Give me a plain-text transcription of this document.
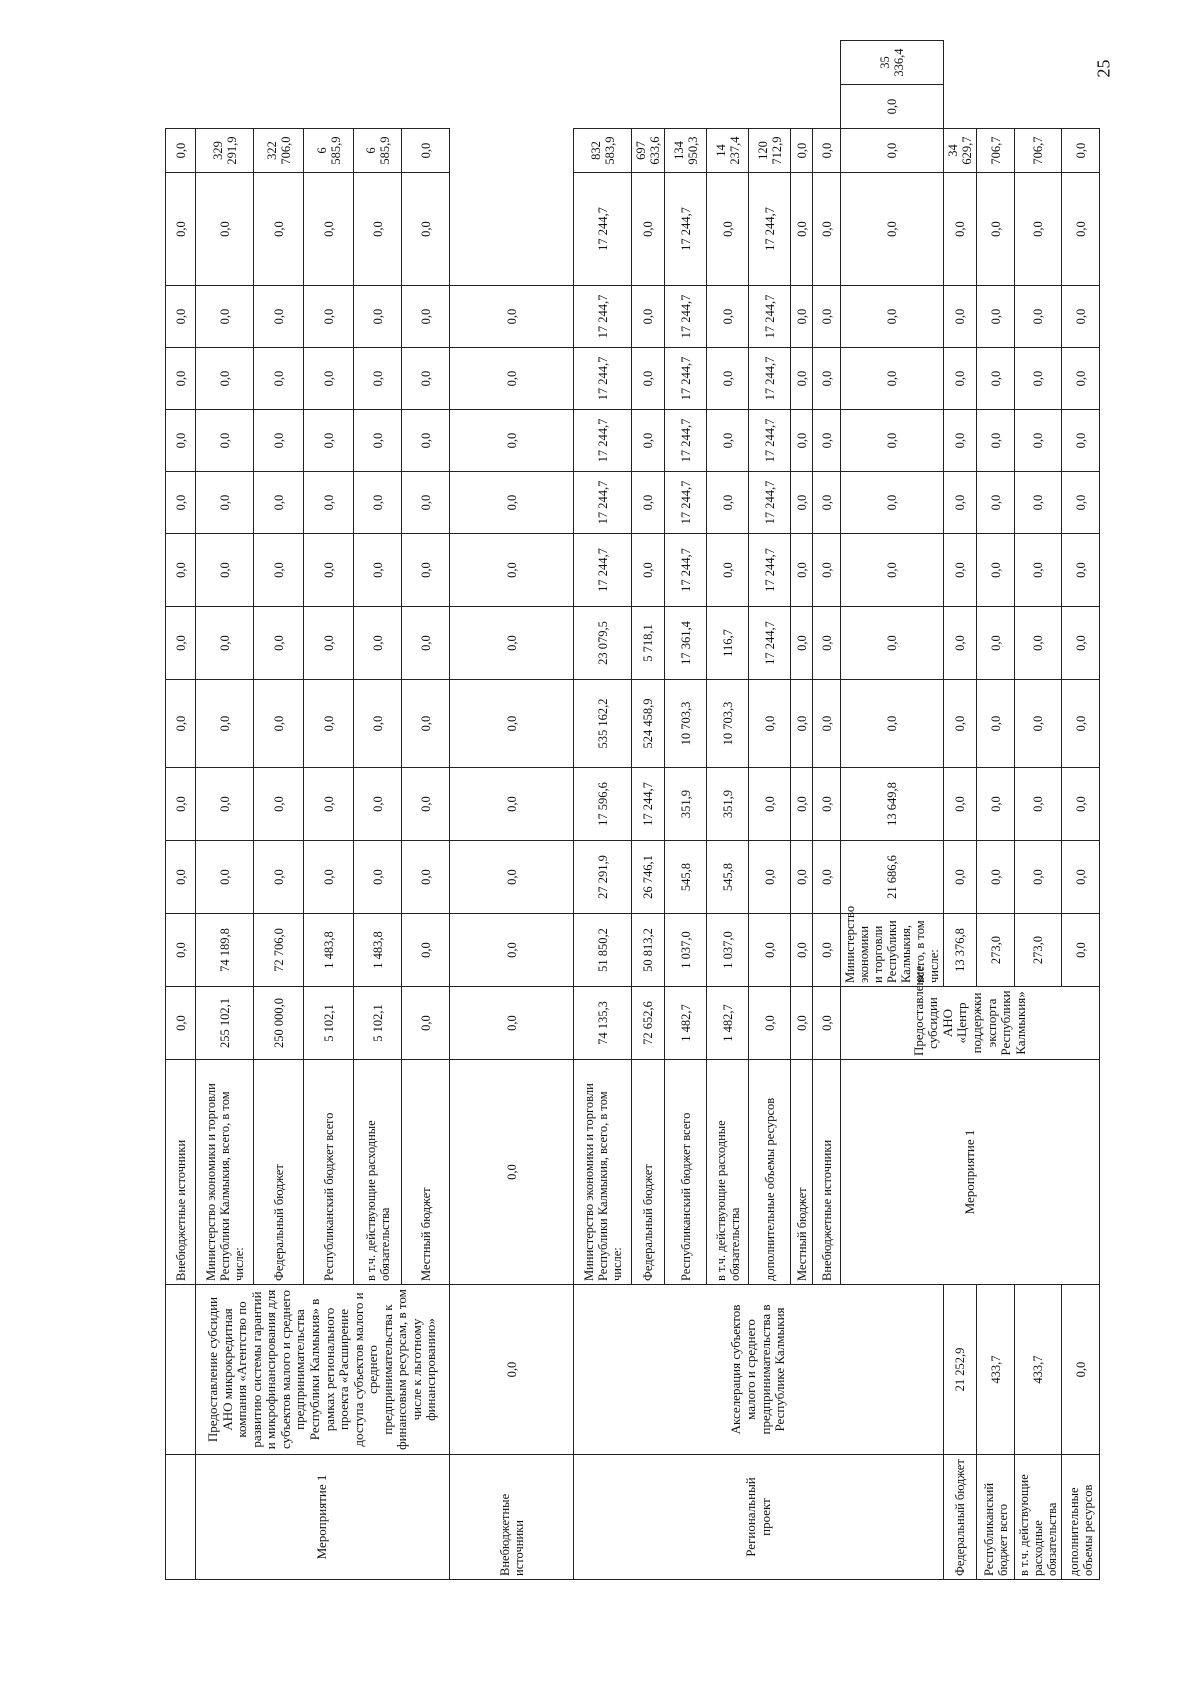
25
		Внебюджетные источники	0,0	0,0	0,0	0,0	0,0	0,0	0,0	0,0	0,0	0,0	0,0	0,0	0,0		
Мероприятие 1	Предоставление субсидии АНО микрокредитная компания «Агентство по развитию системы гарантий и микрофинансирования для субъектов малого и среднего предпринимательства Республики Калмыкия» в рамках регионального проекта «Расширение доступа субъектов малого и среднего предпринимательства к финансовым ресурсам, в том числе к льготному финансированию»	Министерство экономики и торговли Республики Калмыкия, всего, в том числе:	255 102,1	74 189,8	0,0	0,0	0,0	0,0	0,0	0,0	0,0	0,0	0,0	0,0	329 291,9		
		Федеральный бюджет	250 000,0	72 706,0	0,0	0,0	0,0	0,0	0,0	0,0	0,0	0,0	0,0	0,0	322 706,0		
		Республиканский бюджет всего	5 102,1	1 483,8	0,0	0,0	0,0	0,0	0,0	0,0	0,0	0,0	0,0	0,0	6 585,9		
		в т.ч. действующие расходные обязательства	5 102,1	1 483,8	0,0	0,0	0,0	0,0	0,0	0,0	0,0	0,0	0,0	0,0	6 585,9		
		Местный бюджет	0,0	0,0	0,0	0,0	0,0	0,0	0,0	0,0	0,0	0,0	0,0	0,0	0,0		
Внебюджетные источники	0,0	0,0	0,0	0,0	0,0	0,0	0,0	0,0	0,0	0,0	0,0	0,0	0,0				
Региональный проект	Акселерация субъектов малого и среднего предпринимательства в Республике Калмыкия	Министерство экономики и торговли Республики Калмыкия, всего, в том числе:	74 135,3	51 850,2	27 291,9	17 596,6	535 162,2	23 079,5	17 244,7	17 244,7	17 244,7	17 244,7	17 244,7	17 244,7	832 583,9		
		Федеральный бюджет	72 652,6	50 813,2	26 746,1	17 244,7	524 458,9	5 718,1	0,0	0,0	0,0	0,0	0,0	0,0	697 633,6		
		Республиканский бюджет всего	1 482,7	1 037,0	545,8	351,9	10 703,3	17 361,4	17 244,7	17 244,7	17 244,7	17 244,7	17 244,7	17 244,7	134 950,3		
		в т.ч. действующие расходные обязательства	1 482,7	1 037,0	545,8	351,9	10 703,3	116,7	0,0	0,0	0,0	0,0	0,0	0,0	14 237,4		
		дополнительные объемы ресурсов	0,0	0,0	0,0	0,0	0,0	17 244,7	17 244,7	17 244,7	17 244,7	17 244,7	17 244,7	17 244,7	120 712,9		
		Местный бюджет	0,0	0,0	0,0	0,0	0,0	0,0	0,0	0,0	0,0	0,0	0,0	0,0	0,0		
		Внебюджетные источники	0,0	0,0	0,0	0,0	0,0	0,0	0,0	0,0	0,0	0,0	0,0	0,0	0,0		
		Мероприятие 1	Предоставление субсидии АНО «Центр поддержки экспорта Республики Калмыкия»	Министерство экономики и торговли Республики Калмыкия, всего, в том числе:	21 686,6	13 649,8	0,0	0,0	0,0	0,0	0,0	0,0	0,0	0,0	0,0	0,0	35 336,4
Федеральный бюджет	21 252,9			13 376,8	0,0	0,0	0,0	0,0	0,0	0,0	0,0	0,0	0,0	0,0	34 629,7		
Республиканский бюджет всего	433,7			273,0	0,0	0,0	0,0	0,0	0,0	0,0	0,0	0,0	0,0	0,0	706,7		
в т.ч. действующие расходные обязательства	433,7			273,0	0,0	0,0	0,0	0,0	0,0	0,0	0,0	0,0	0,0	0,0	706,7		
дополнительные объемы ресурсов	0,0			0,0	0,0	0,0	0,0	0,0	0,0	0,0	0,0	0,0	0,0	0,0	0,0		
